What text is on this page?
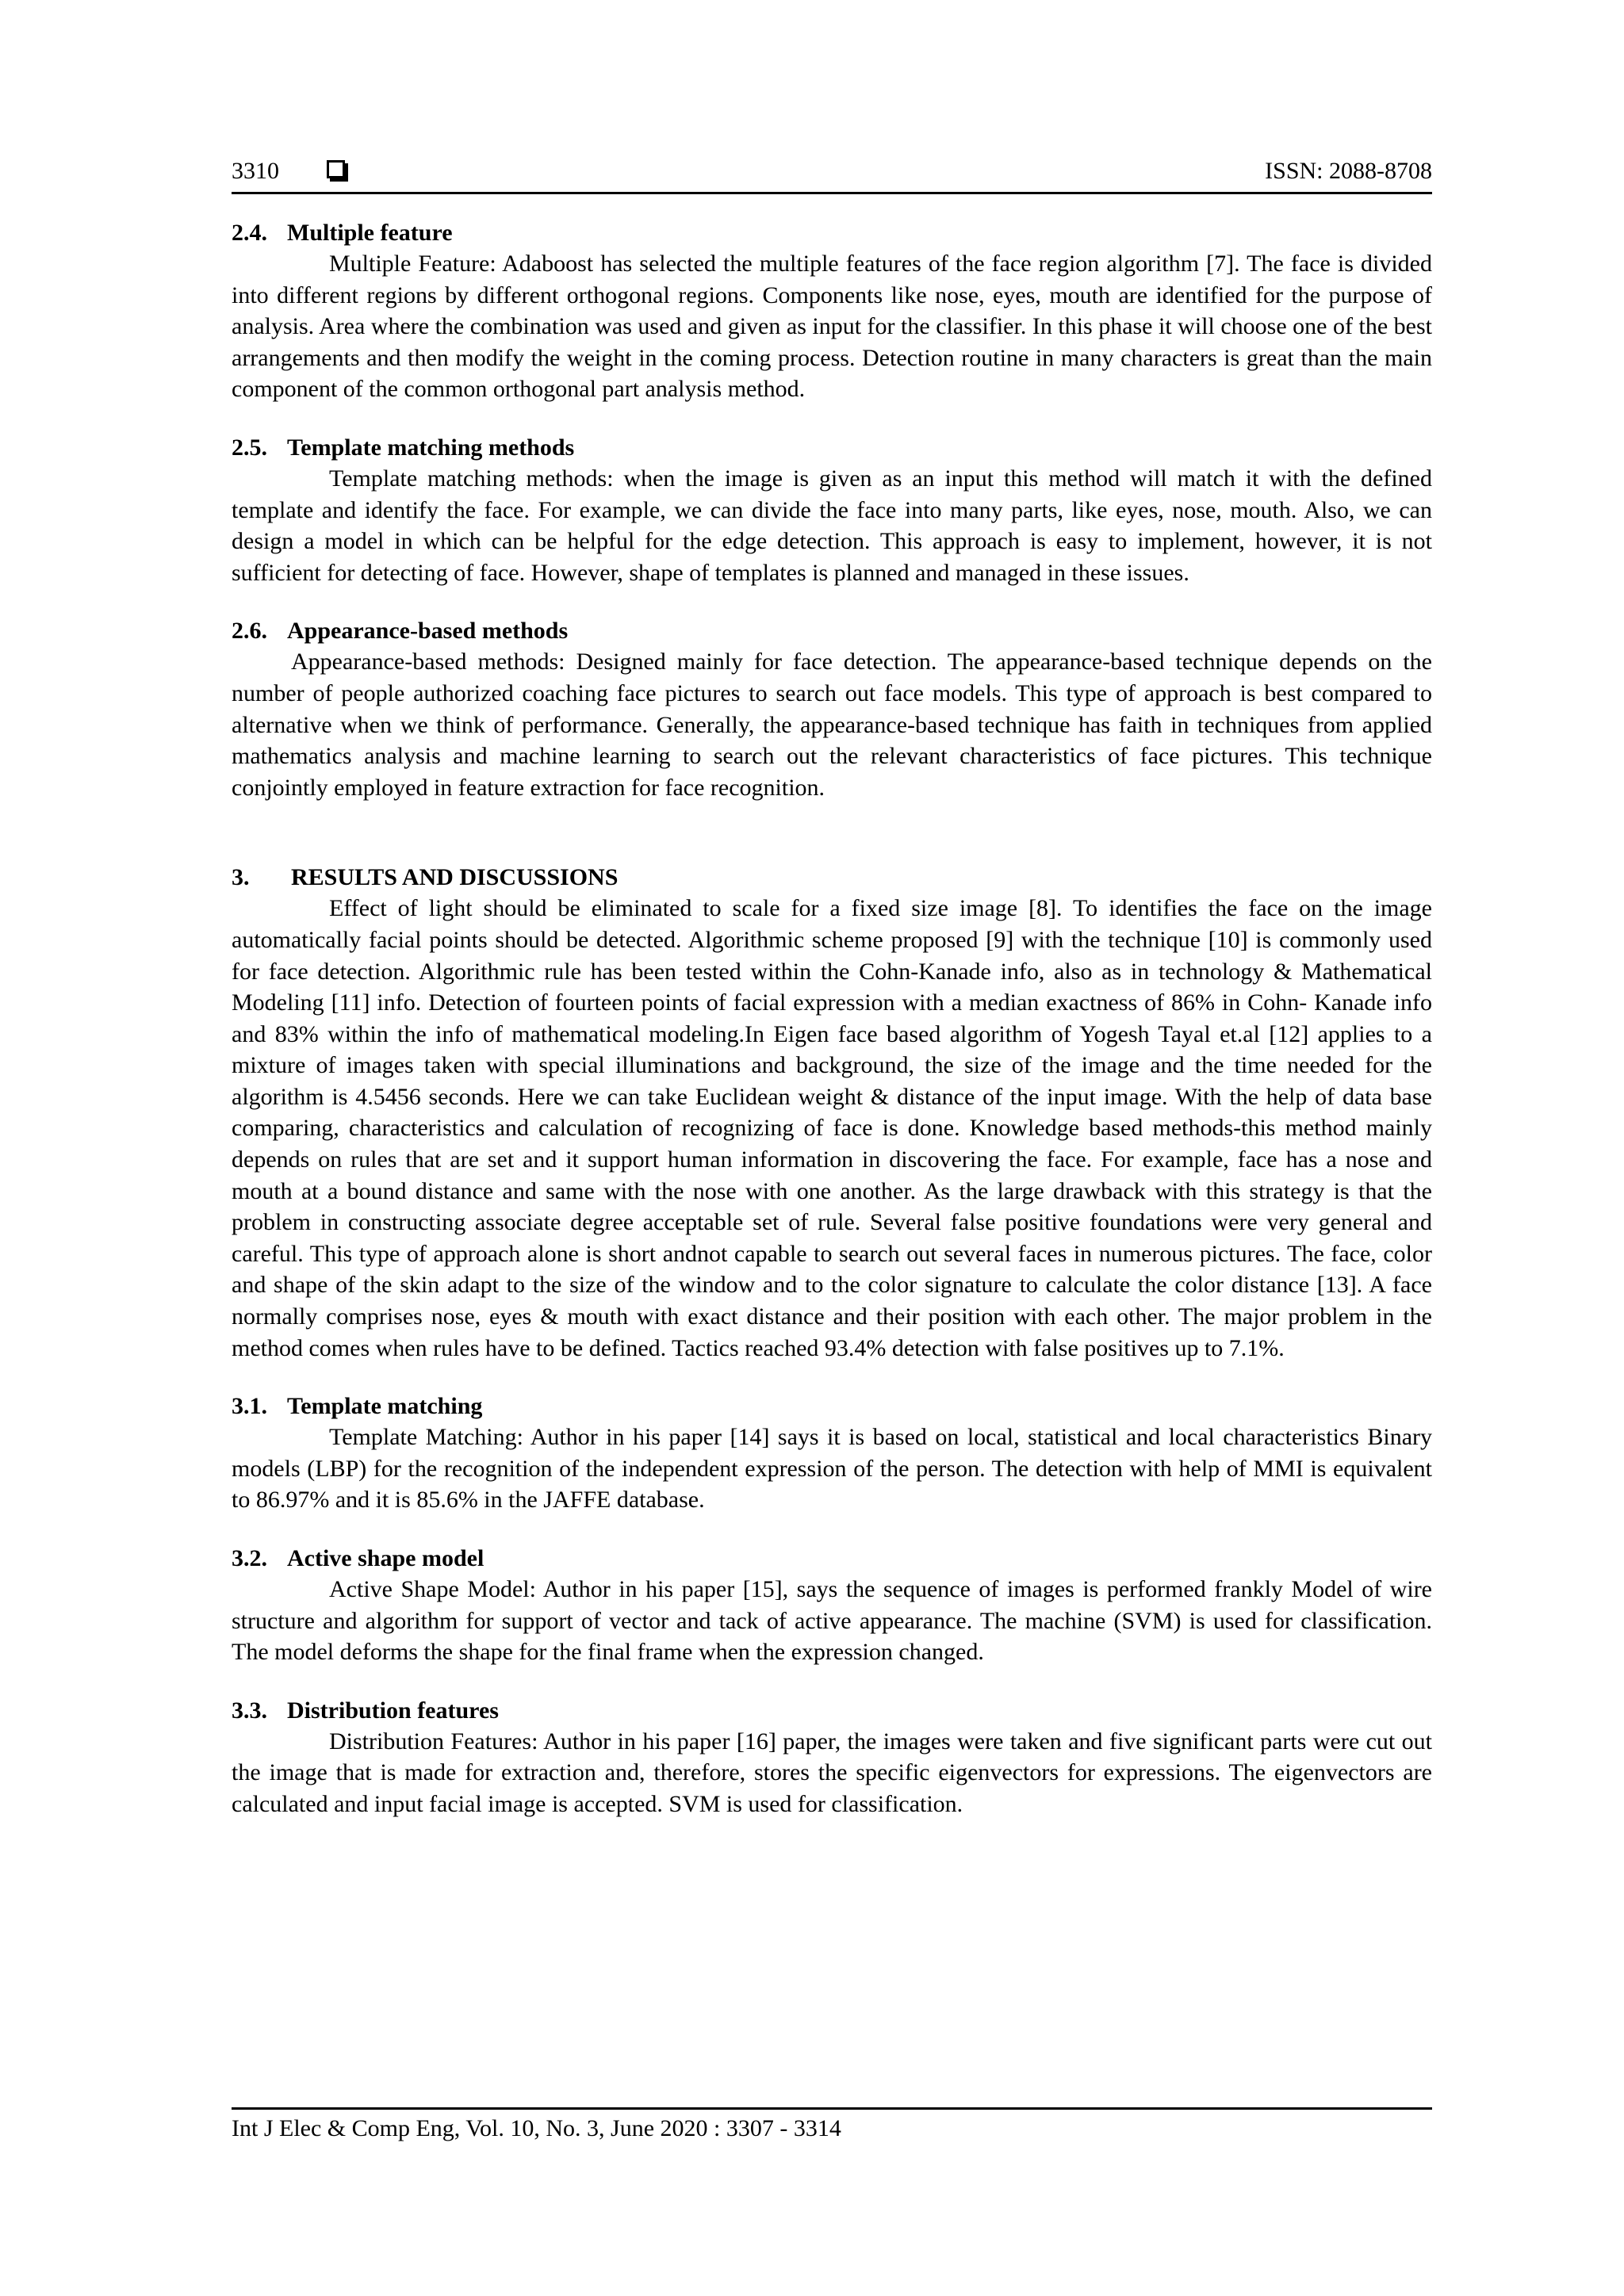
3310	ISSN: 2088-8708

2.4. Multiple feature

Multiple Feature: Adaboost has selected the multiple features of the face region algorithm [7]. The face is divided into different regions by different orthogonal regions. Components like nose, eyes, mouth are identified for the purpose of analysis. Area where the combination was used and given as input for the classifier. In this phase it will choose one of the best arrangements and then modify the weight in the coming process. Detection routine in many characters is great than the main component of the common orthogonal part analysis method.

2.5. Template matching methods

Template matching methods: when the image is given as an input this method will match it with the defined template and identify the face. For example, we can divide the face into many parts, like eyes, nose, mouth. Also, we can design a model in which can be helpful for the edge detection. This approach is easy to implement, however, it is not sufficient for detecting of face. However, shape of templates is planned and managed in these issues.

2.6. Appearance-based methods

Appearance-based methods: Designed mainly for face detection. The appearance-based technique depends on the number of people authorized coaching face pictures to search out face models. This type of approach is best compared to alternative when we think of performance. Generally, the appearance-based technique has faith in techniques from applied mathematics analysis and machine learning to search out the relevant characteristics of face pictures. This technique conjointly employed in feature extraction for face recognition.

3. RESULTS AND DISCUSSIONS

Effect of light should be eliminated to scale for a fixed size image [8]. To identifies the face on the image automatically facial points should be detected. Algorithmic scheme proposed [9] with the technique [10] is commonly used for face detection. Algorithmic rule has been tested within the Cohn-Kanade info, also as in technology & Mathematical Modeling [11] info. Detection of fourteen points of facial expression with a median exactness of 86% in Cohn- Kanade info and 83% within the info of mathematical modeling.In Eigen face based algorithm of Yogesh Tayal et.al [12] applies to a mixture of images taken with special illuminations and background, the size of the image and the time needed for the algorithm is 4.5456 seconds. Here we can take Euclidean weight & distance of the input image. With the help of data base comparing, characteristics and calculation of recognizing of face is done. Knowledge based methods-this method mainly depends on rules that are set and it support human information in discovering the face. For example, face has a nose and mouth at a bound distance and same with the nose with one another. As the large drawback with this strategy is that the problem in constructing associate degree acceptable set of rule. Several false positive foundations were very general and careful. This type of approach alone is short andnot capable to search out several faces in numerous pictures. The face, color and shape of the skin adapt to the size of the window and to the color signature to calculate the color distance [13]. A face normally comprises nose, eyes & mouth with exact distance and their position with each other. The major problem in the method comes when rules have to be defined. Tactics reached 93.4% detection with false positives up to 7.1%.

3.1. Template matching

Template Matching: Author in his paper [14] says it is based on local, statistical and local characteristics Binary models (LBP) for the recognition of the independent expression of the person. The detection with help of MMI is equivalent to 86.97% and it is 85.6% in the JAFFE database.

3.2. Active shape model

Active Shape Model: Author in his paper [15], says the sequence of images is performed frankly Model of wire structure and algorithm for support of vector and tack of active appearance. The machine (SVM) is used for classification. The model deforms the shape for the final frame when the expression changed.

3.3. Distribution features

Distribution Features: Author in his paper [16] paper, the images were taken and five significant parts were cut out the image that is made for extraction and, therefore, stores the specific eigenvectors for expressions. The eigenvectors are calculated and input facial image is accepted. SVM is used for classification.

Int J Elec & Comp Eng, Vol. 10, No. 3, June 2020 : 3307 - 3314
